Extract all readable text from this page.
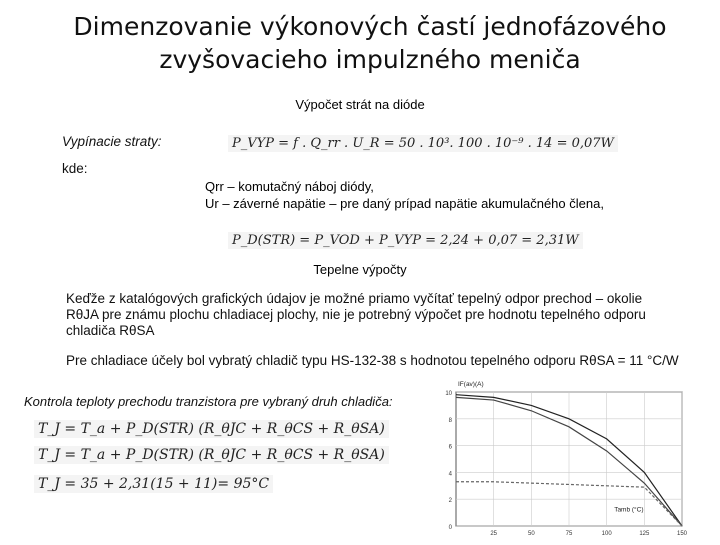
Dimenzovanie výkonových častí jednofázového
zvyšovacieho impulzného meniča
Výpočet strát na dióde
Vypínacie straty:	P_VYP = f . Q_rr . U_R = 50 . 10³. 100 . 10⁻⁹ . 14 = 0,07W
kde:
Qrr – komutačný náboj diódy,
Ur – záverné napätie – pre daný prípad napätie akumulačného člena,
P_D(STR) = P_VOD + P_VYP = 2,24 + 0,07 = 2,31W
Tepelne výpočty
Keďže z katalógových grafických údajov je možné priamo vyčítať tepelný odpor prechod – okolie
RθJA pre známu plochu chladiacej plochy, nie je potrebný výpočet pre hodnotu tepelného odporu
chladiča RθSA
Pre chladiace účely bol vybratý chladič typu HS-132-38 s hodnotou tepelného odporu RθSA = 11 °C/W
Kontrola teploty prechodu tranzistora pre vybraný druh chladiča:
T_J = T_a + P_D(STR) (R_θJC + R_θCS + R_θSA)
T_J = T_a + P_D(STR) (R_θJC + R_θCS + R_θSA)
T_J = 35 + 2,31(15 + 11)= 95°C
10
8
6
4
2
0
25	50	75	100	125	150
IF(av)(A)
Tamb (°C)
